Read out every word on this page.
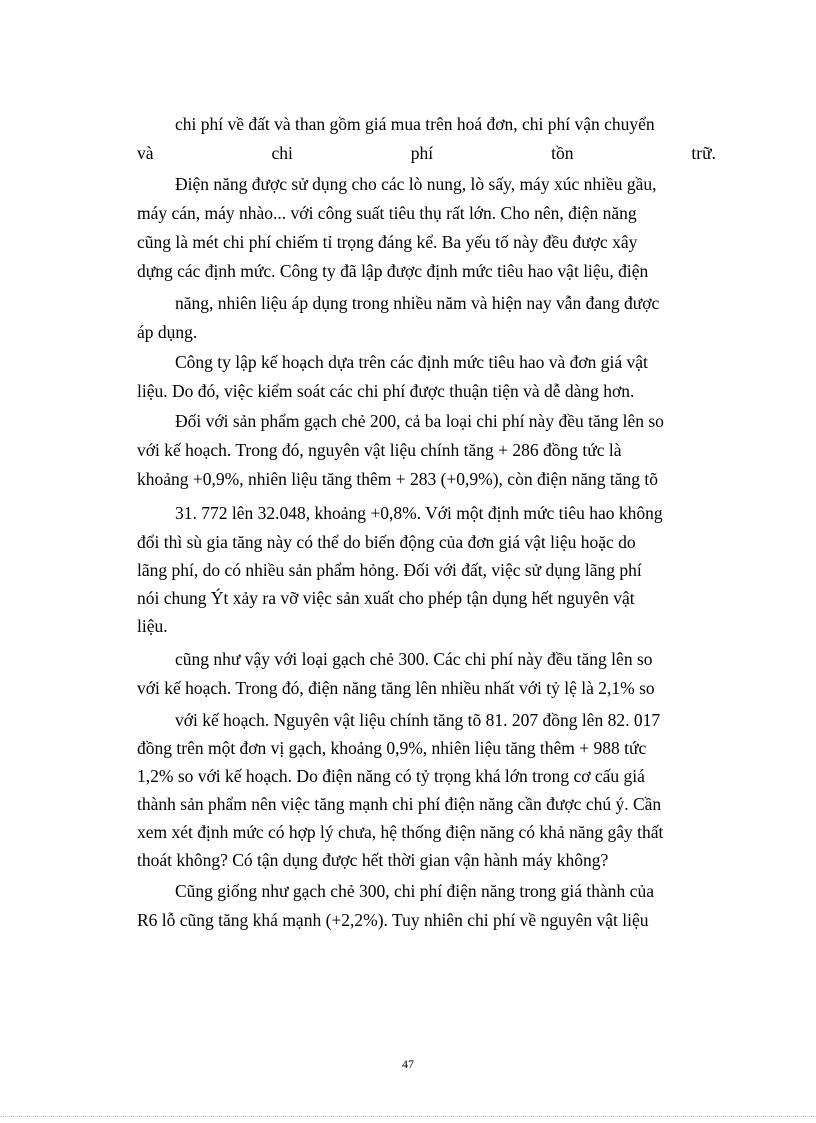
chi phí về đất và than gồm giá mua trên hoá đơn, chi phí vận chuyển
và	chi	phí	tồn	trữ.
Điện năng được sử dụng cho các lò nung, lò sấy, máy xúc nhiều gầu,
máy cán, máy nhào... với công suất tiêu thụ rất lớn. Cho nên, điện năng
cũng là mét chi phí chiếm tỉ trọng đáng kể. Ba yếu tố này đều được xây
dựng các định mức. Công ty đã lập được định mức tiêu hao vật liệu, điện
năng, nhiên liệu áp dụng trong nhiều năm và hiện nay vẫn đang được
áp dụng.
Công ty lập kế hoạch dựa trên các định mức tiêu hao và đơn giá vật
liệu. Do đó, việc kiểm soát các chi phí được thuận tiện và dễ dàng hơn.
Đối với sản phẩm gạch chẻ 200, cả ba loại chi phí này đều tăng lên so
với kế hoạch. Trong đó, nguyên vật liệu chính tăng + 286 đồng tức là
khoảng +0,9%, nhiên liệu tăng thêm + 283 (+0,9%), còn điện năng tăng tõ
31. 772 lên 32.048, khoảng +0,8%. Với một định mức tiêu hao không
đổi thì sù gia tăng này có thể do biến động của đơn giá vật liệu hoặc do
lãng phí, do có nhiều sản phẩm hỏng. Đối với đất, việc sử dụng lãng phí
nói chung Ýt xảy ra vỡ việc sản xuất cho phép tận dụng hết nguyên vật
liệu.
cũng như vậy với loại gạch chẻ 300. Các chi phí này đều tăng lên so
với kế hoạch. Trong đó, điện năng tăng lên nhiều nhất với tỷ lệ là 2,1% so
với kế hoạch. Nguyên vật liệu chính tăng tõ 81. 207 đồng lên 82. 017
đồng trên một đơn vị gạch, khoảng 0,9%, nhiên liệu tăng thêm + 988 tức
1,2% so với kế hoạch. Do điện năng có tỷ trọng khá lớn trong cơ cấu giá
thành sản phẩm nên việc tăng mạnh chi phí điện năng cần được chú ý. Cần
xem xét định mức có hợp lý chưa, hệ thống điện năng có khả năng gây thất
thoát không? Có tận dụng được hết thời gian vận hành máy không?
Cũng giống như gạch chẻ 300, chi phí điện năng trong giá thành của
R6 lỗ cũng tăng khá mạnh (+2,2%). Tuy nhiên chi phí về nguyên vật liệu
47
